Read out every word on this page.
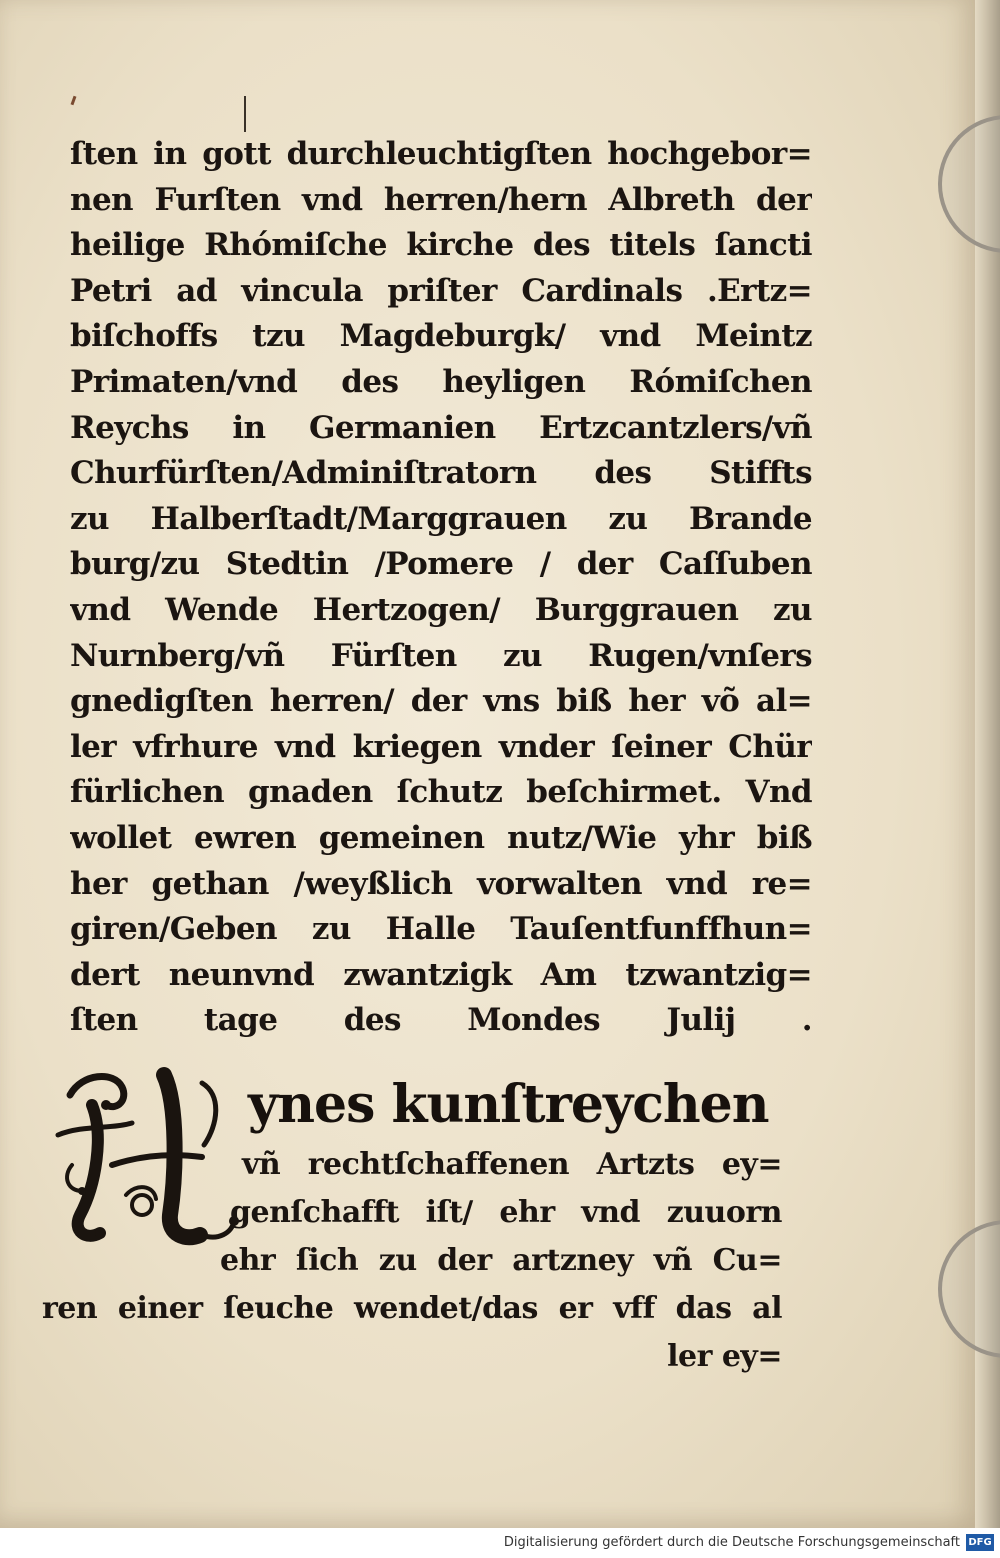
ſten in gott durchleuchtigſten hochgebor=
nen Furſten vnd herren/hern Albreth der
heilige Rhómiſche kirche des titels ſancti
Petri ad vincula priſter Cardinals .Ertz=
biſchoffs tzu Magdeburgk/ vnd Meintz
Primaten/vnd des heyligen Rómiſchen
Reychs in Germanien Ertzcantzlers/vñ
Churfürſten/Adminiſtratorn des Stiffts
zu Halberſtadt/Marggrauen zu Brande
burg/zu Stedtin /Pomere / der Caſſuben
vnd Wende Hertzogen/ Burggrauen zu
Nurnberg/vñ Fürſten zu Rugen/vnſers
gnedigſten herren/ der vns biß her võ al=
ler vfrhure vnd kriegen vnder ſeiner Chür
fürlichen gnaden ſchutz beſchirmet. Vnd
wollet ewren gemeinen nutz/Wie yhr biß
her gethan /weyßlich vorwalten vnd re=
giren/Geben zu Halle Tauſentfunffhun=
dert neunvnd zwantzigk Am tzwantzig=
ſten tage des Mondes Julij .
ynes kunſtreychen
vñ rechtſchaffenen Artzts ey=
genſchafft iſt/ ehr vnd zuuorn
ehr ſich zu der artzney vñ Cu=
ren einer ſeuche wendet/das er vff das al
ler ey=

Digitalisierung gefördert durch die Deutsche Forschungsgemeinschaft DFG
